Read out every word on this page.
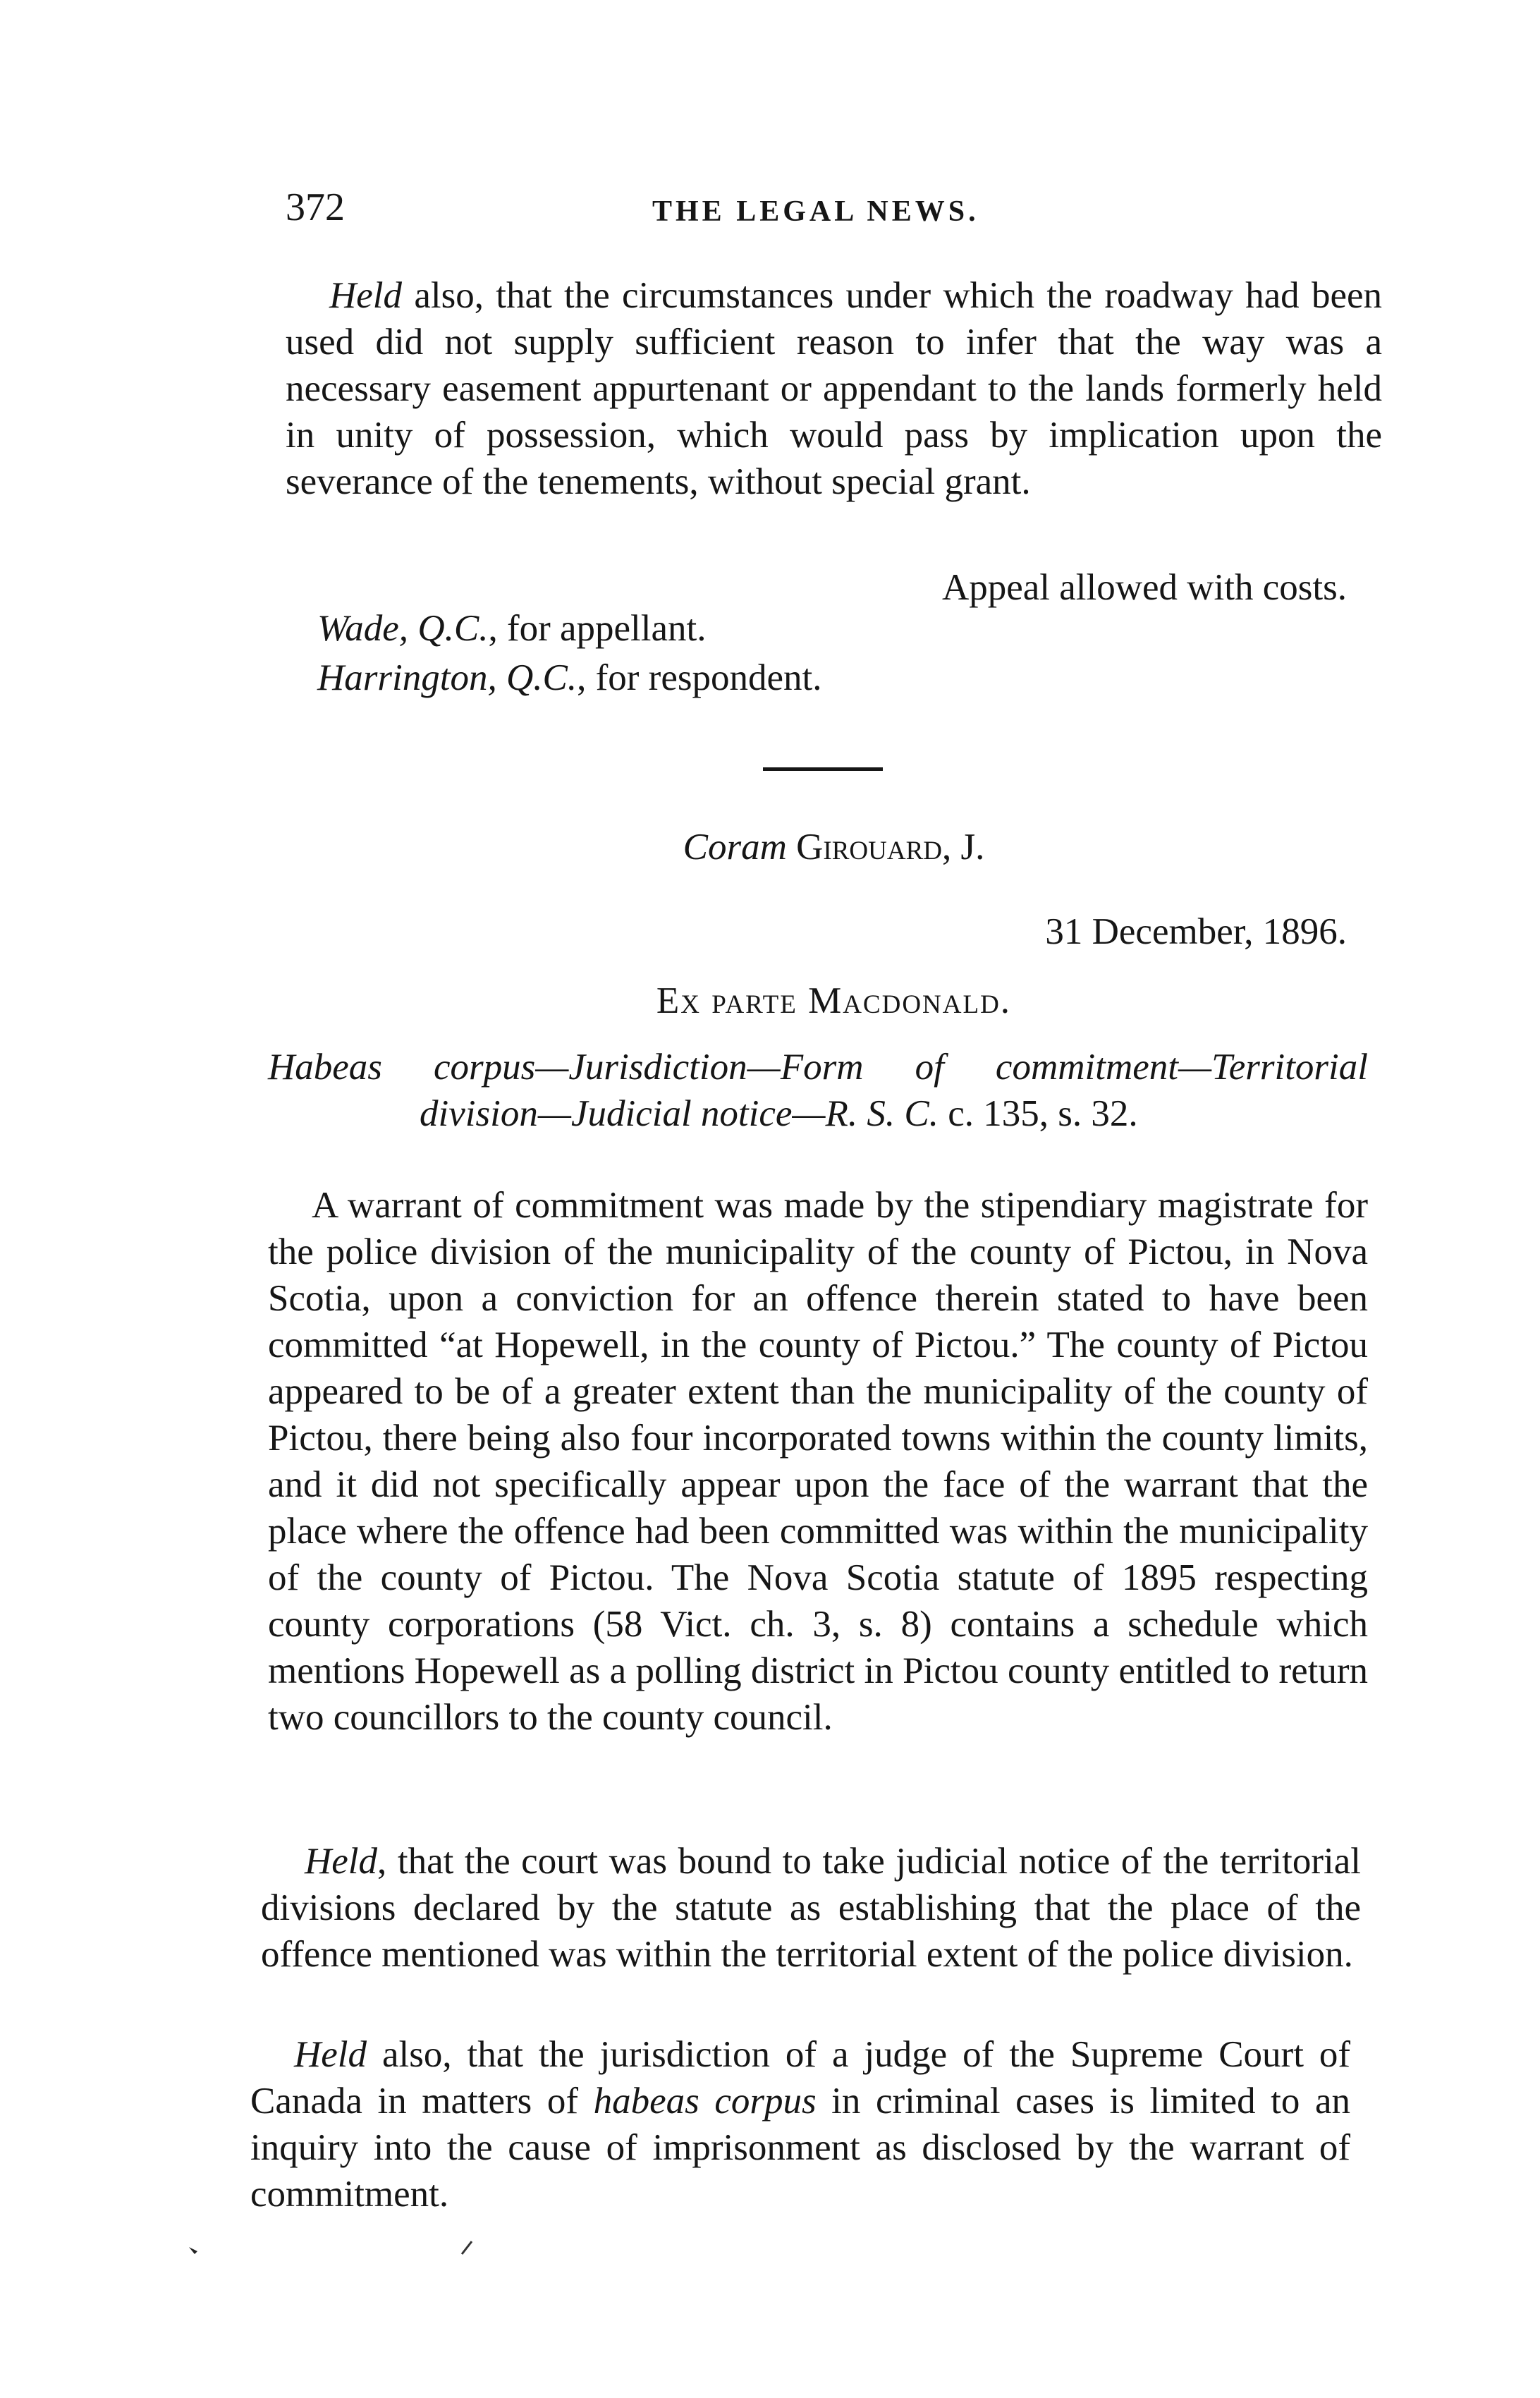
372	THE LEGAL NEWS.

Held also, that the circumstances under which the roadway had been used did not supply sufficient reason to infer that the way was a necessary easement appurtenant or appendant to the lands formerly held in unity of possession, which would pass by implication upon the severance of the tenements, without special grant.

Appeal allowed with costs.

Wade, Q.C., for appellant.

Harrington, Q.C., for respondent.

Coram Girouard, J.

31 December, 1896.

Ex parte Macdonald.

Habeas corpus—Jurisdiction—Form of commitment—Territorial
division—Judicial notice—R. S. C. c. 135, s. 32.

A warrant of commitment was made by the stipendiary magistrate for the police division of the municipality of the county of Pictou, in Nova Scotia, upon a conviction for an offence therein stated to have been committed “at Hopewell, in the county of Pictou.” The county of Pictou appeared to be of a greater extent than the municipality of the county of Pictou, there being also four incorporated towns within the county limits, and it did not specifically appear upon the face of the warrant that the place where the offence had been committed was within the municipality of the county of Pictou. The Nova Scotia statute of 1895 respecting county corporations (58 Vict. ch. 3, s. 8) contains a schedule which mentions Hopewell as a polling district in Pictou county entitled to return two councillors to the county council.

Held, that the court was bound to take judicial notice of the territorial divisions declared by the statute as establishing that the place of the offence mentioned was within the territorial extent of the police division.

Held also, that the jurisdiction of a judge of the Supreme Court of Canada in matters of habeas corpus in criminal cases is limited to an inquiry into the cause of imprisonment as disclosed by the warrant of commitment.
